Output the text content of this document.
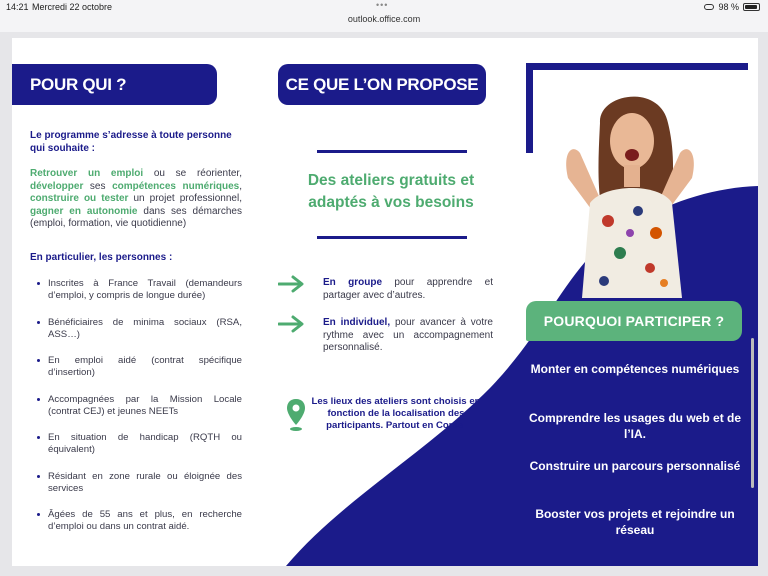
14:21 Mercredi 22 octobre	•••
outlook.office.com
98 %
POUR QUI ?
Le programme s’adresse à toute personne qui souhaite :
Retrouver un emploi ou se réorienter, développer ses compétences numériques, construire ou tester un projet professionnel, gagner en autonomie dans ses démarches (emploi, formation, vie quotidienne)
En particulier, les personnes :
Inscrites à France Travail (demandeurs d’emploi, y compris de longue durée)
Bénéficiaires de minima sociaux (RSA, ASS…)
En emploi aidé (contrat spécifique d’insertion)
Accompagnées par la Mission Locale (contrat CEJ) et jeunes NEETs
En situation de handicap (RQTH ou équivalent)
Résidant en zone rurale ou éloignée des services
Âgées de 55 ans et plus, en recherche d’emploi ou dans un contrat aidé.
CE QUE L’ON PROPOSE
Des ateliers gratuits et adaptés à vos besoins
En groupe pour apprendre et partager avec d’autres.
En individuel, pour avancer à votre rythme avec un accompagnement personnalisé.
Les lieux des ateliers sont choisis en fonction de la localisation des participants. Partout en Corse.
POURQUOI PARTICIPER ?
Monter en compétences numériques
Comprendre les usages du web et de l’IA.
Construire un parcours personnalisé
Booster vos projets et rejoindre un réseau
